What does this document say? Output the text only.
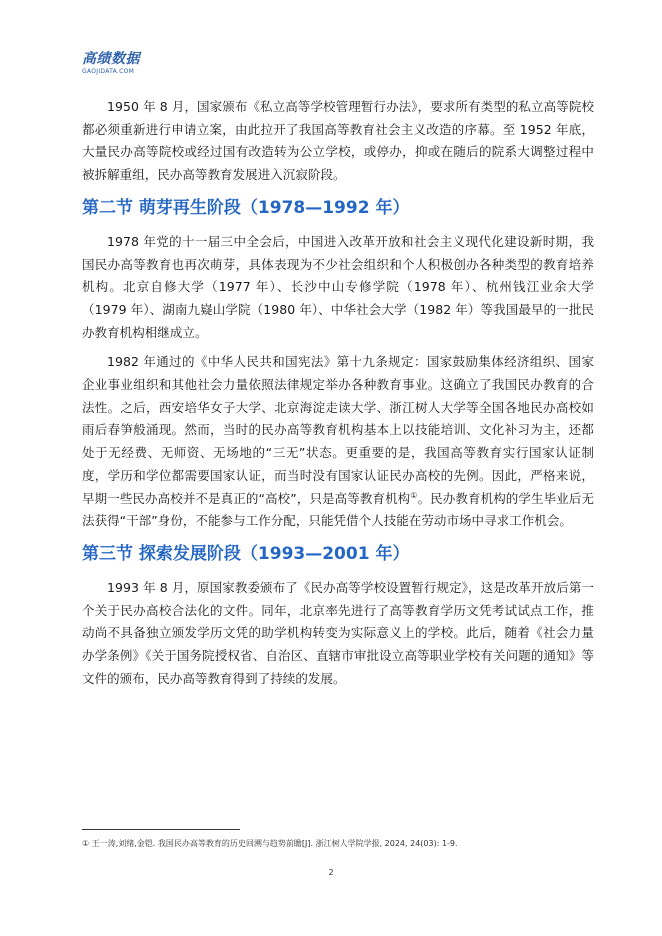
高绩数据
GAOJIDATA.COM

1950 年 8 月，国家颁布《私立高等学校管理暂行办法》，要求所有类型的私立高等院校都必须重新进行申请立案，由此拉开了我国高等教育社会主义改造的序幕。至 1952 年底，大量民办高等院校或经过国有改造转为公立学校，或停办，抑或在随后的院系大调整过程中被拆解重组，民办高等教育发展进入沉寂阶段。

第二节 萌芽再生阶段（1978—1992 年）

1978 年党的十一届三中全会后，中国进入改革开放和社会主义现代化建设新时期，我国民办高等教育也再次萌芽，具体表现为不少社会组织和个人积极创办各种类型的教育培养机构。北京自修大学（1977 年）、长沙中山专修学院（1978 年）、杭州钱江业余大学（1979 年）、湖南九嶷山学院（1980 年）、中华社会大学（1982 年）等我国最早的一批民办教育机构相继成立。

1982 年通过的《中华人民共和国宪法》第十九条规定：国家鼓励集体经济组织、国家企业事业组织和其他社会力量依照法律规定举办各种教育事业。这确立了我国民办教育的合法性。之后，西安培华女子大学、北京海淀走读大学、浙江树人大学等全国各地民办高校如雨后春笋般涌现。然而，当时的民办高等教育机构基本上以技能培训、文化补习为主，还都处于无经费、无师资、无场地的“三无”状态。更重要的是，我国高等教育实行国家认证制度，学历和学位都需要国家认证，而当时没有国家认证民办高校的先例。因此，严格来说，早期一些民办高校并不是真正的“高校”，只是高等教育机构①。民办教育机构的学生毕业后无法获得“干部”身份，不能参与工作分配，只能凭借个人技能在劳动市场中寻求工作机会。

第三节 探索发展阶段（1993—2001 年）

1993 年 8 月，原国家教委颁布了《民办高等学校设置暂行规定》，这是改革开放后第一个关于民办高校合法化的文件。同年，北京率先进行了高等教育学历文凭考试试点工作，推动尚不具备独立颁发学历文凭的助学机构转变为实际意义上的学校。此后，随着《社会力量办学条例》《关于国务院授权省、自治区、直辖市审批设立高等职业学校有关问题的通知》等文件的颁布，民办高等教育得到了持续的发展。

① 王一涛,刘绪,金铠. 我国民办高等教育的历史回溯与趋势前瞻[J]. 浙江树人学院学报, 2024, 24(03): 1-9.
2
